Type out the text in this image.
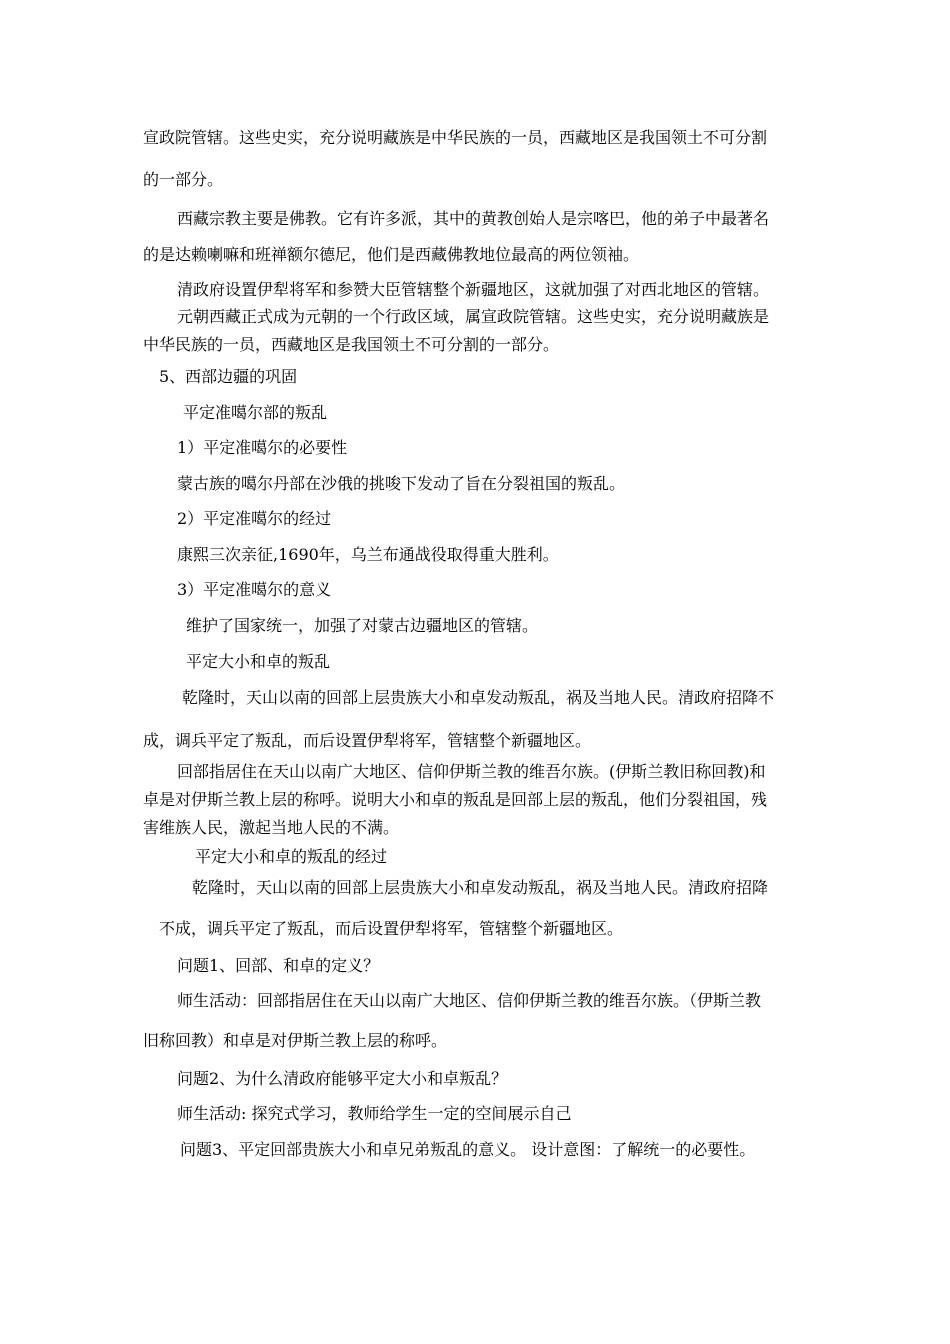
宣政院管辖。这些史实，充分说明藏族是中华民族的一员，西藏地区是我国领土不可分割
的一部分。
西藏宗教主要是佛教。它有许多派，其中的黄教创始人是宗喀巴，他的弟子中最著名
的是达赖喇嘛和班禅额尔德尼，他们是西藏佛教地位最高的两位领袖。
清政府设置伊犁将军和参赞大臣管辖整个新疆地区，这就加强了对西北地区的管辖。
元朝西藏正式成为元朝的一个行政区域，属宣政院管辖。这些史实，充分说明藏族是
中华民族的一员，西藏地区是我国领土不可分割的一部分。
5、西部边疆的巩固
平定准噶尔部的叛乱
1）平定准噶尔的必要性
蒙古族的噶尔丹部在沙俄的挑唆下发动了旨在分裂祖国的叛乱。
2）平定准噶尔的经过
康熙三次亲征,1690年，乌兰布通战役取得重大胜利。
3）平定准噶尔的意义
维护了国家统一，加强了对蒙古边疆地区的管辖。
平定大小和卓的叛乱
乾隆时，天山以南的回部上层贵族大小和卓发动叛乱，祸及当地人民。清政府招降不
成，调兵平定了叛乱，而后设置伊犁将军，管辖整个新疆地区。
回部指居住在天山以南广大地区、信仰伊斯兰教的维吾尔族。(伊斯兰教旧称回教)和
卓是对伊斯兰教上层的称呼。说明大小和卓的叛乱是回部上层的叛乱，他们分裂祖国，残
害维族人民，激起当地人民的不满。
平定大小和卓的叛乱的经过
乾隆时，天山以南的回部上层贵族大小和卓发动叛乱，祸及当地人民。清政府招降
不成，调兵平定了叛乱，而后设置伊犁将军，管辖整个新疆地区。
问题1、回部、和卓的定义？
师生活动：回部指居住在天山以南广大地区、信仰伊斯兰教的维吾尔族。（伊斯兰教
旧称回教）和卓是对伊斯兰教上层的称呼。
问题2、为什么清政府能够平定大小和卓叛乱？
师生活动: 探究式学习，教师给学生一定的空间展示自己
问题3、平定回部贵族大小和卓兄弟叛乱的意义。 设计意图：了解统一的必要性。
